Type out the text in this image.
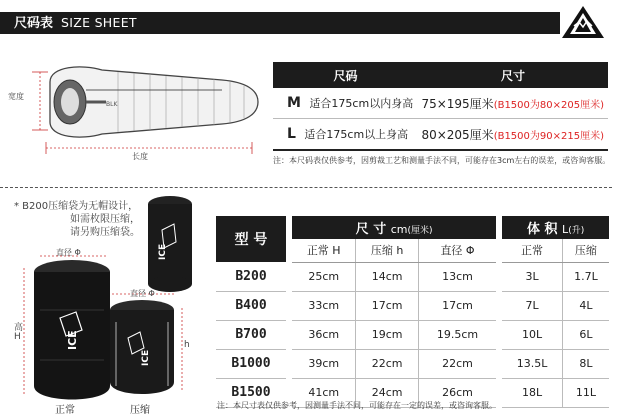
尺码表 SIZE SHEET
BLK
宽度
长度
尺码	尺寸
M 适合175cm以内身高	75×195厘米(B1500为80×205厘米)
L 适合175cm以上身高	80×205厘米(B1500为90×215厘米)
注：本尺码表仅供参考，因剪裁工艺和测量手法不同，可能存在3cm左右的误差，或咨询客服。
* B200压缩袋为无帽设计，
如需枚限压缩，
请另购压缩袋。
ICE
ICE
ICE
直径 Φ
直径 Φ
高
H
h
正常	压缩
型 号		尺 寸 cm(厘米)				体 积 L(升)	
		正常 H	压缩 h	直径 Φ		正常	压缩
B200		25cm	14cm	13cm		3L	1.7L
B400		33cm	17cm	17cm		7L	4L
B700		36cm	19cm	19.5cm		10L	6L
B1000		39cm	22cm	22cm		13.5L	8L
B1500		41cm	24cm	26cm		18L	11L
注：本尺寸表仅供参考，因测量手法不同，可能存在一定的误差，或咨询客服。
